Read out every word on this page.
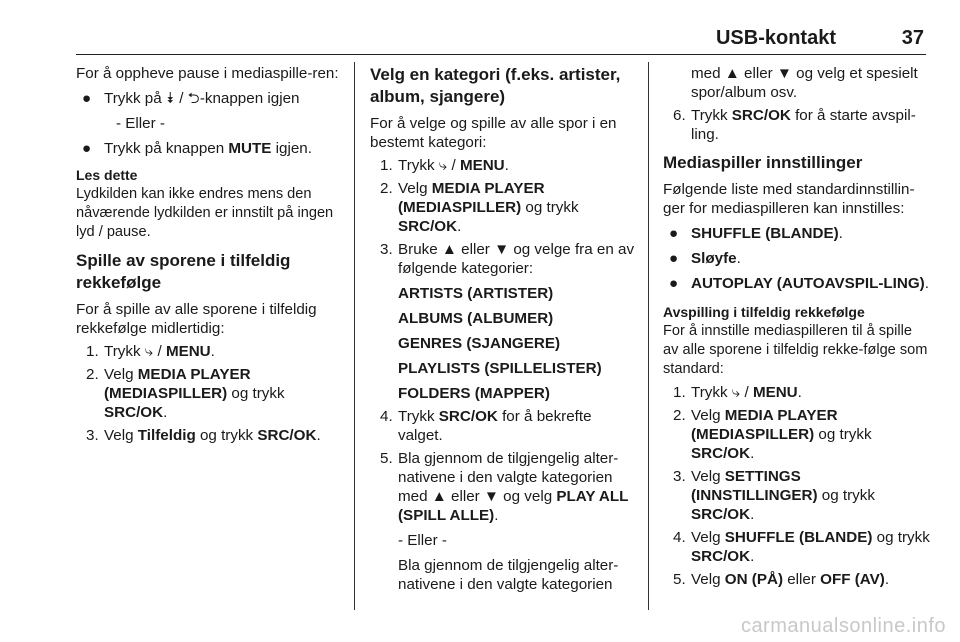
USB-kontakt	37

For å oppheve pause i mediaspille-ren:

● Trykk på ⯯ / ⮌-knappen igjen

- Eller -

● Trykk på knappen MUTE igjen.

Les dette

Lydkilden kan ikke endres mens den nåværende lydkilden er innstilt på ingen lyd / pause.

Spille av sporene i tilfeldig rekkefølge

For å spille av alle sporene i tilfeldig rekkefølge midlertidig:

1. Trykk ⤷ / MENU.

2. Velg MEDIA PLAYER (MEDIASPILLER) og trykk SRC/OK.

3. Velg Tilfeldig og trykk SRC/OK.

Velg en kategori (f.eks. artister, album, sjangere)

For å velge og spille av alle spor i en bestemt kategori:

1. Trykk ⤷ / MENU.

2. Velg MEDIA PLAYER (MEDIASPILLER) og trykk SRC/OK.

3. Bruke ▲ eller ▼ og velge fra en av følgende kategorier:

ARTISTS (ARTISTER)

ALBUMS (ALBUMER)

GENRES (SJANGERE)

PLAYLISTS (SPILLELISTER)

FOLDERS (MAPPER)

4. Trykk SRC/OK for å bekrefte valget.

5. Bla gjennom de tilgjengelig alter-nativene i den valgte kategorien med ▲ eller ▼ og velg PLAY ALL (SPILL ALLE).

- Eller -

Bla gjennom de tilgjengelig alter-nativene i den valgte kategorien

med ▲ eller ▼ og velg et spesielt spor/album osv.

6. Trykk SRC/OK for å starte avspil-ling.

Mediaspiller innstillinger

Følgende liste med standardinnstillin-ger for mediaspilleren kan innstilles:

● SHUFFLE (BLANDE).

● Sløyfe.

● AUTOPLAY (AUTOAVSPIL-LING).

Avspilling i tilfeldig rekkefølge

For å innstille mediaspilleren til å spille av alle sporene i tilfeldig rekke-følge som standard:

1. Trykk ⤷ / MENU.

2. Velg MEDIA PLAYER (MEDIASPILLER) og trykk SRC/OK.

3. Velg SETTINGS (INNSTILLINGER) og trykk SRC/OK.

4. Velg SHUFFLE (BLANDE) og trykk SRC/OK.

5. Velg ON (PÅ) eller OFF (AV).

carmanualsonline.info
